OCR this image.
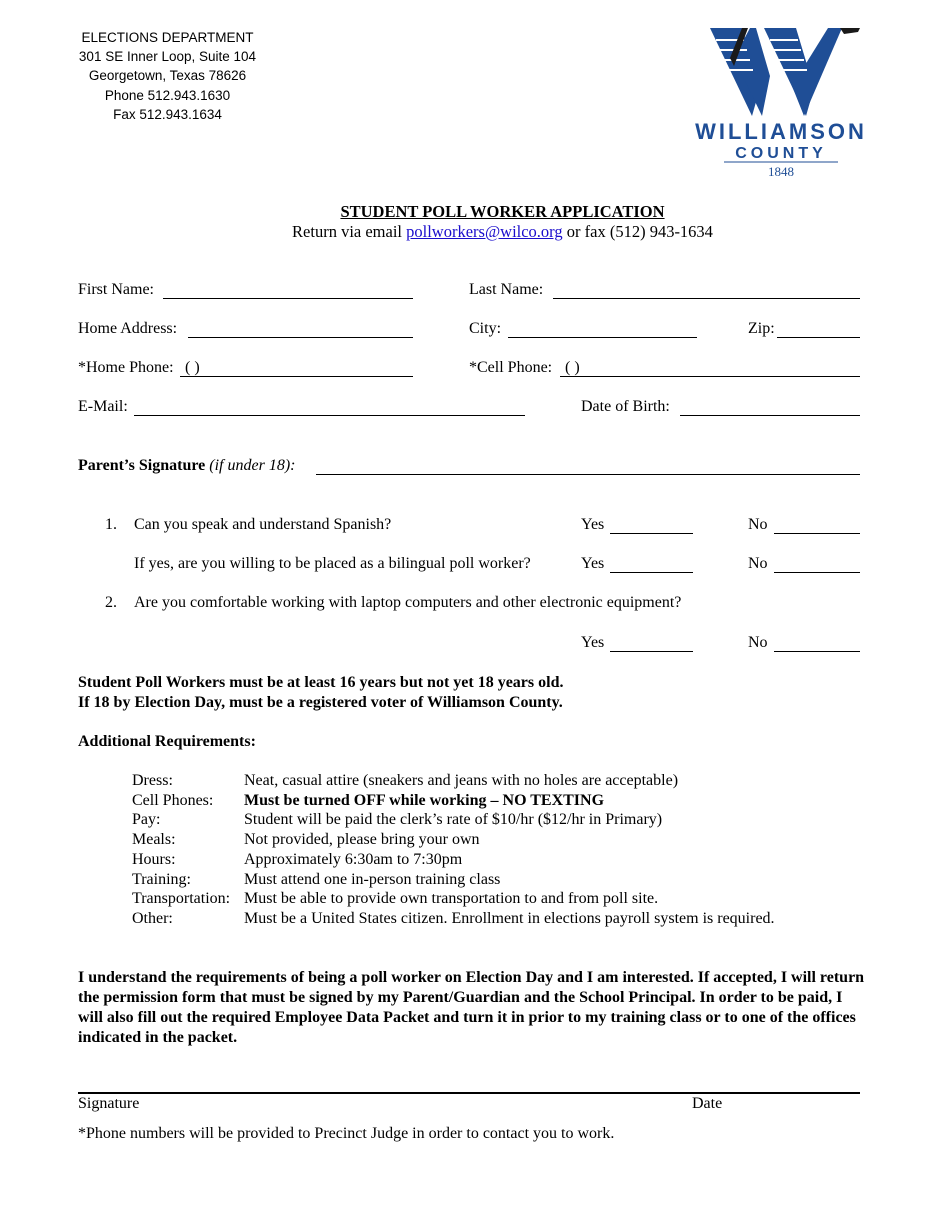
ELECTIONS DEPARTMENT
301 SE Inner Loop, Suite 104
Georgetown, Texas 78626
Phone 512.943.1630
Fax 512.943.1634
WILLIAMSON
COUNTY
1848
STUDENT POLL WORKER APPLICATION
Return via email pollworkers@wilco.org or fax (512) 943-1634
First Name:	Last Name:
Home Address:	City:	Zip:
*Home Phone: ( )	*Cell Phone: ( )
E-Mail:	Date of Birth:
Parent’s Signature (if under 18):
1. Can you speak and understand Spanish?	Yes	No
If yes, are you willing to be placed as a bilingual poll worker?	Yes	No
2. Are you comfortable working with laptop computers and other electronic equipment?
Yes	No
Student Poll Workers must be at least 16 years but not yet 18 years old.
If 18 by Election Day, must be a registered voter of Williamson County.
Additional Requirements:
Dress:	Neat, casual attire (sneakers and jeans with no holes are acceptable)
Cell Phones:	Must be turned OFF while working – NO TEXTING
Pay:	Student will be paid the clerk’s rate of $10/hr ($12/hr in Primary)
Meals:	Not provided, please bring your own
Hours:	Approximately 6:30am to 7:30pm
Training:	Must attend one in-person training class
Transportation:	Must be able to provide own transportation to and from poll site.
Other:	Must be a United States citizen. Enrollment in elections payroll system is required.
I understand the requirements of being a poll worker on Election Day and I am interested. If accepted, I will return the permission form that must be signed by my Parent/Guardian and the School Principal. In order to be paid, I will also fill out the required Employee Data Packet and turn it in prior to my training class or to one of the offices indicated in the packet.
Signature	Date
*Phone numbers will be provided to Precinct Judge in order to contact you to work.
